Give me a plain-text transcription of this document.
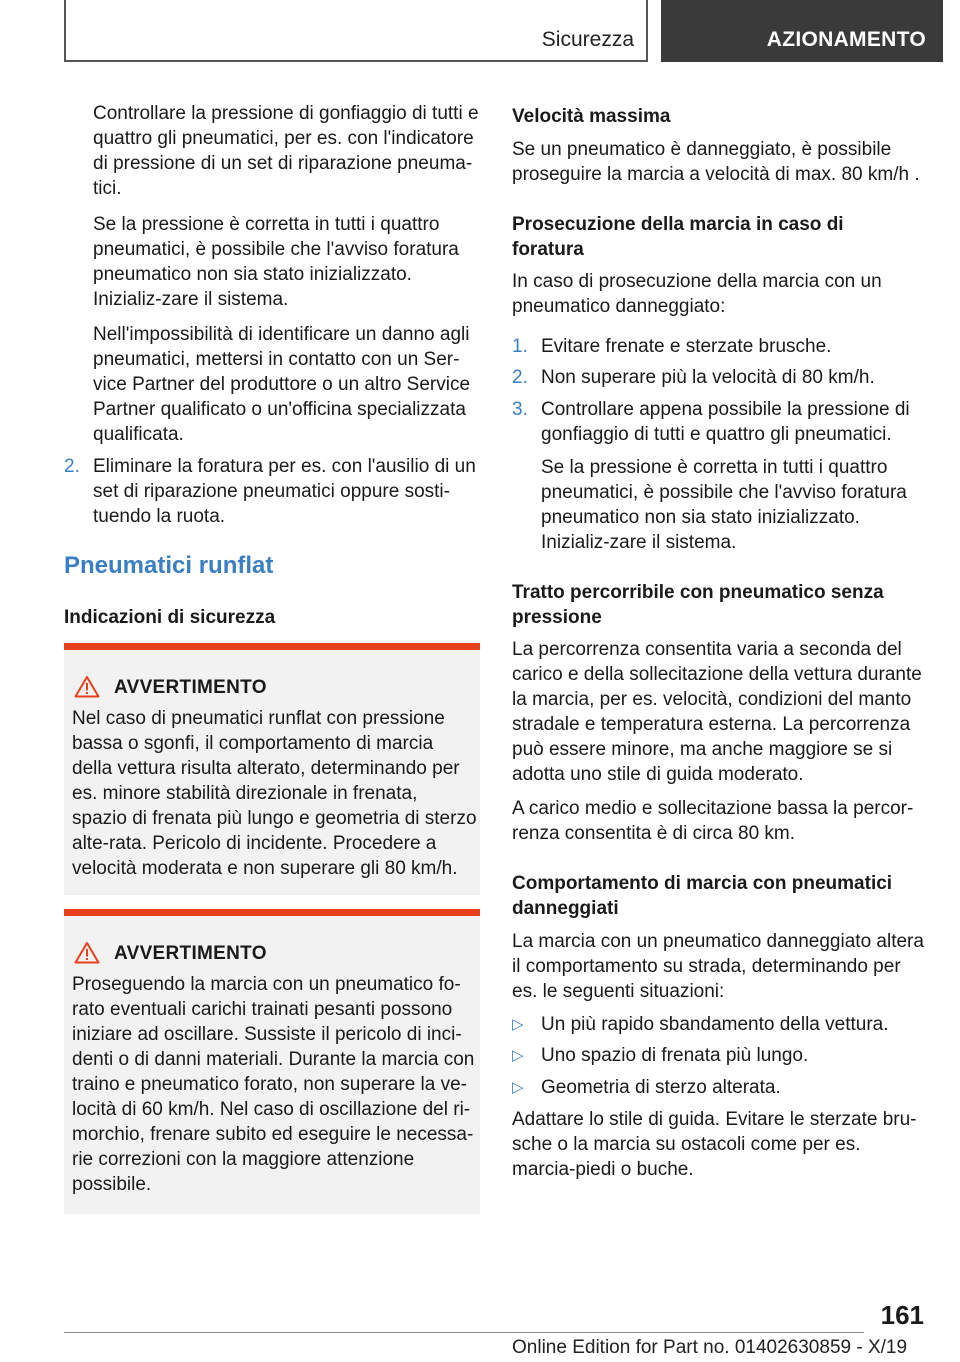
Sicurezza	AZIONAMENTO

Controllare la pressione di gonfiaggio di tutti e quattro gli pneumatici, per es. con l'indicatore di pressione di un set di riparazione pneuma-tici.

Se la pressione è corretta in tutti i quattro pneumatici, è possibile che l'avviso foratura pneumatico non sia stato inizializzato. Inizializ-zare il sistema.

Nell'impossibilità di identificare un danno agli pneumatici, mettersi in contatto con un Ser-vice Partner del produttore o un altro Service Partner qualificato o un'officina specializzata qualificata.

2. Eliminare la foratura per es. con l'ausilio di un set di riparazione pneumatici oppure sosti-tuendo la ruota.

Pneumatici runflat
Indicazioni di sicurezza
AVVERTIMENTO

Nel caso di pneumatici runflat con pressione bassa o sgonfi, il comportamento di marcia della vettura risulta alterato, determinando per es. minore stabilità direzionale in frenata, spazio di frenata più lungo e geometria di sterzo alte-rata. Pericolo di incidente. Procedere a velocità moderata e non superare gli 80 km/h.

AVVERTIMENTO

Proseguendo la marcia con un pneumatico fo-rato eventuali carichi trainati pesanti possono iniziare ad oscillare. Sussiste il pericolo di inci-denti o di danni materiali. Durante la marcia con traino e pneumatico forato, non superare la ve-locità di 60 km/h. Nel caso di oscillazione del ri-morchio, frenare subito ed eseguire le necessa-rie correzioni con la maggiore attenzione possibile.

Velocità massima

Se un pneumatico è danneggiato, è possibile proseguire la marcia a velocità di max. 80 km/h .

Prosecuzione della marcia in caso di foratura

In caso di prosecuzione della marcia con un pneumatico danneggiato:

1. Evitare frenate e sterzate brusche.

2. Non superare più la velocità di 80 km/h.

3. Controllare appena possibile la pressione di gonfiaggio di tutti e quattro gli pneumatici.

Se la pressione è corretta in tutti i quattro pneumatici, è possibile che l'avviso foratura pneumatico non sia stato inizializzato. Inizializ-zare il sistema.

Tratto percorribile con pneumatico senza pressione

La percorrenza consentita varia a seconda del carico e della sollecitazione della vettura durante la marcia, per es. velocità, condizioni del manto stradale e temperatura esterna. La percorrenza può essere minore, ma anche maggiore se si adotta uno stile di guida moderato.

A carico medio e sollecitazione bassa la percor-renza consentita è di circa 80 km.

Comportamento di marcia con pneumatici danneggiati

La marcia con un pneumatico danneggiato altera il comportamento su strada, determinando per es. le seguenti situazioni:

▷ Un più rapido sbandamento della vettura.

▷ Uno spazio di frenata più lungo.

▷ Geometria di sterzo alterata.

Adattare lo stile di guida. Evitare le sterzate bru-sche o la marcia su ostacoli come per es. marcia-piedi o buche.

161
Online Edition for Part no. 01402630859 - X/19
